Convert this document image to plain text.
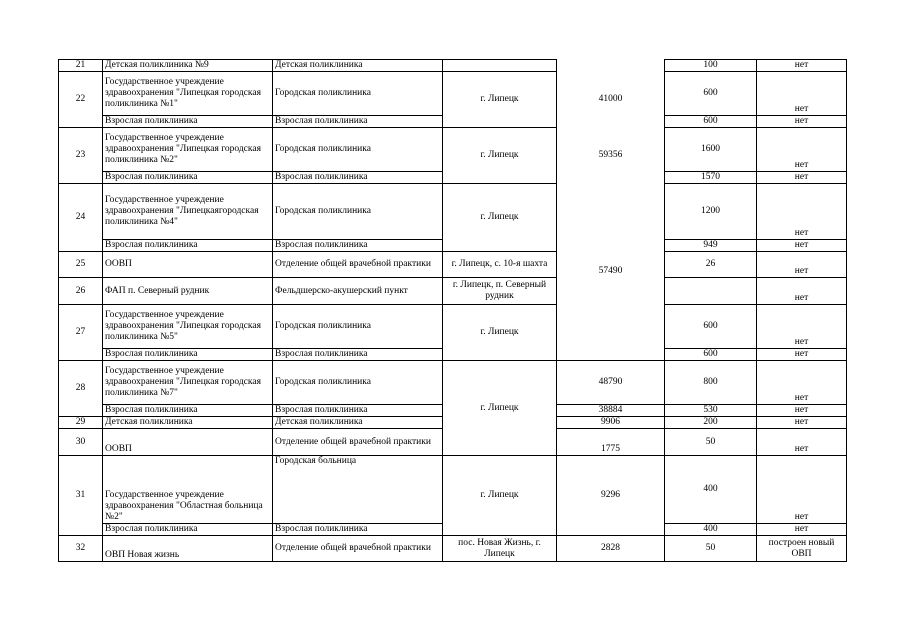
21	Детская поликлиника №9	Детская поликлиника			100	нет
22	Государственное учреждение здравоохранения "Липецкая городская поликлиника №1"	Городская поликлиника	г. Липецк	41000	600	нет
	Взрослая поликлиника	Взрослая поликлиника			600	нет
23	Государственное учреждение здравоохранения "Липецкая городская поликлиника №2"	Городская поликлиника	г. Липецк	59356	1600	нет
	Взрослая поликлиника	Взрослая поликлиника			1570	нет
24	Государственное учреждение здравоохранения "Липецкаягородская поликлиника №4"	Городская поликлиника	г. Липецк	57490	1200	нет
	Взрослая поликлиника	Взрослая поликлиника			949	нет
25	ООВП	Отделение общей врачебной практики	г. Липецк, с. 10-я шахта		26	нет
26	ФАП п. Северный рудник	Фельдшерско-акушерский пункт	г. Липецк, п. Северный рудник			нет
27	Государственное учреждение здравоохранения "Липецкая городская поликлиника №5"	Городская поликлиника	г. Липецк		600	нет
	Взрослая поликлиника	Взрослая поликлиника			600	нет
28	Государственное учреждение здравоохранения "Липецкая городская поликлиника №7"	Городская поликлиника	г. Липецк	48790	800	нет
	Взрослая поликлиника	Взрослая поликлиника		38884	530	нет
29	Детская поликлиника	Детская поликлиника		9906	200	нет
30	ООВП	Отделение общей врачебной практики		1775	50	нет
31	Государственное учреждение здравоохранения "Областная больница №2"	Городская больница	г. Липецк	9296	400	нет
	Взрослая поликлиника	Взрослая поликлиника			400	нет
32	ОВП Новая жизнь	Отделение общей врачебной практики	пос. Новая Жизнь, г. Липецк	2828	50	построен новый ОВП
